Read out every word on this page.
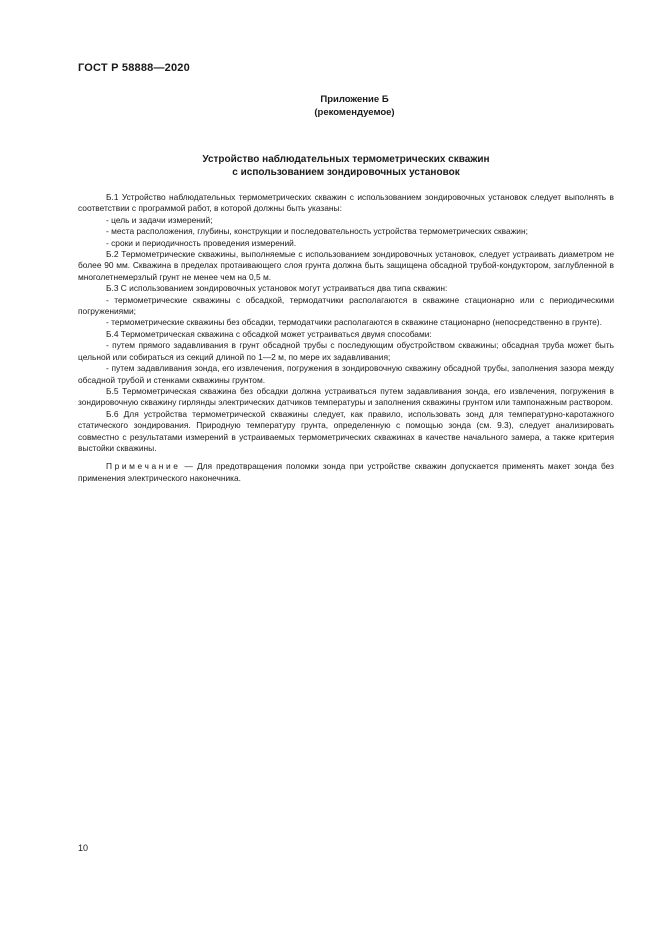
ГОСТ Р 58888—2020
Приложение Б
(рекомендуемое)
Устройство наблюдательных термометрических скважин
с использованием зондировочных установок

Б.1 Устройство наблюдательных термометрических скважин с использованием зондировочных установок следует выполнять в соответствии с программой работ, в которой должны быть указаны:

- цель и задачи измерений;

- места расположения, глубины, конструкции и последовательность устройства термометрических скважин;

- сроки и периодичность проведения измерений.

Б.2 Термометрические скважины, выполняемые с использованием зондировочных установок, следует устраивать диаметром не более 90 мм. Скважина в пределах протаивающего слоя грунта должна быть защищена обсадной трубой-кондуктором, заглубленной в многолетнемерзлый грунт не менее чем на 0,5 м.

Б.3 С использованием зондировочных установок могут устраиваться два типа скважин:

- термометрические скважины с обсадкой, термодатчики располагаются в скважине стационарно или с периодическими погружениями;

- термометрические скважины без обсадки, термодатчики располагаются в скважине стационарно (непосредственно в грунте).

Б.4 Термометрическая скважина с обсадкой может устраиваться двумя способами:

- путем прямого задавливания в грунт обсадной трубы с последующим обустройством скважины; обсадная труба может быть цельной или собираться из секций длиной по 1—2 м, по мере их задавливания;

- путем задавливания зонда, его извлечения, погружения в зондировочную скважину обсадной трубы, заполнения зазора между обсадной трубой и стенками скважины грунтом.

Б.5 Термометрическая скважина без обсадки должна устраиваться путем задавливания зонда, его извлечения, погружения в зондировочную скважину гирлянды электрических датчиков температуры и заполнения скважины грунтом или тампонажным раствором.

Б.6 Для устройства термометрической скважины следует, как правило, использовать зонд для температурно-каротажного статического зондирования. Природную температуру грунта, определенную с помощью зонда (см. 9.3), следует анализировать совместно с результатами измерений в устраиваемых термометрических скважинах в качестве начального замера, а также критерия выстойки скважины.

Примечание — Для предотвращения поломки зонда при устройстве скважин допускается применять макет зонда без применения электрического наконечника.

10
